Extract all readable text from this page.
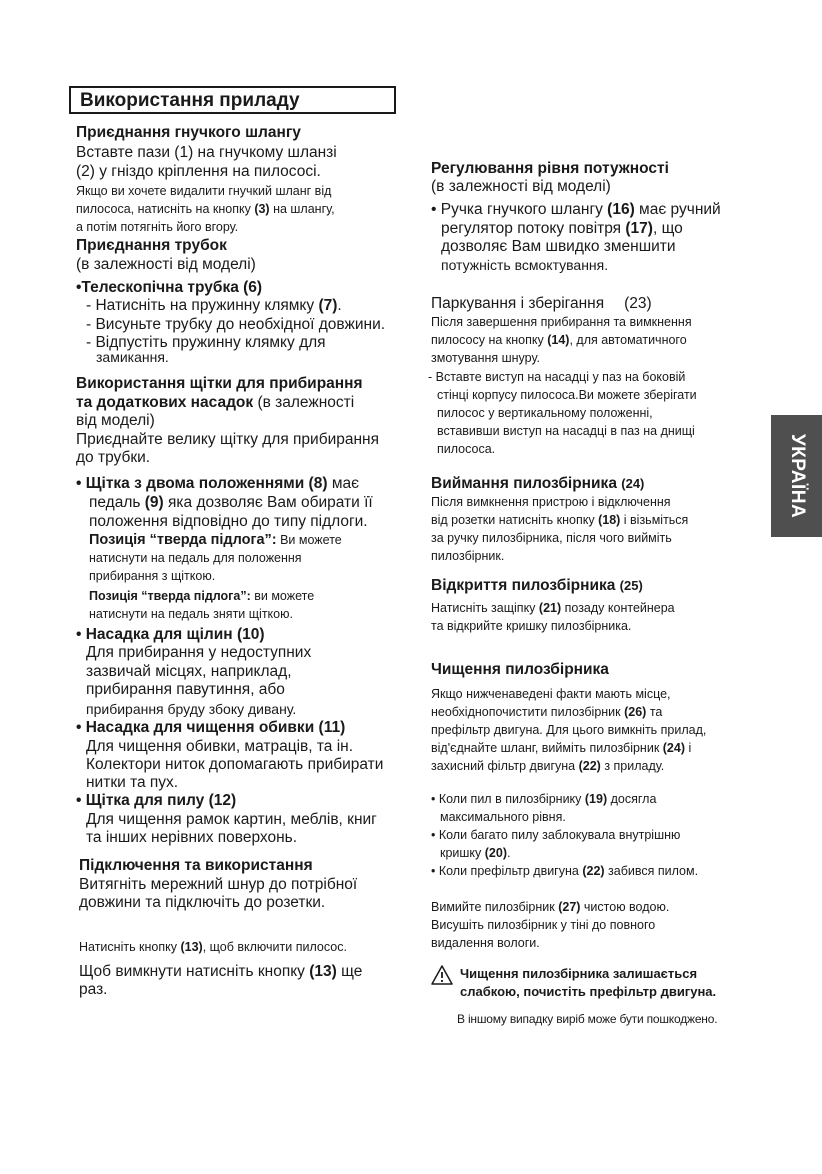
Використання приладу
Приєднання гнучкого шлангу
Вставте пази (1) на гнучкому шланзі
(2) у гніздо кріплення на пилососі.
Якщо ви хочете видалити гнучкий шланг від
пилососа, натисніть на кнопку (3) на шлангу,
а потім потягніть його вгору.
Приєднання трубок
(в залежності від моделі)
•Телескопічна трубка (6)
- Натисніть на пружинну клямку (7).
- Висуньте трубку до необхідної довжини.
- Відпустіть пружинну клямку для
замикання.
Використання щітки для прибирання
та додаткових насадок (в залежності
від моделі)
Приєднайте велику щітку для прибирання
до трубки.
• Щітка з двома положеннями (8) має
педаль (9) яка дозволяє Вам обирати її
положення відповідно до типу підлоги.
Позиція “тверда підлога”: Ви можете
натиснути на педаль для положення
прибирання з щіткою.
Позиція “тверда підлога”: ви можете
натиснути на педаль зняти щіткою.
• Насадка для щілин (10)
Для прибирання у недоступних
зазвичай місцях, наприклад,
прибирання павутиння, або
прибирання бруду збоку дивану.
• Насадка для чищення обивки (11)
Для чищення обивки, матраців, та ін.
Колектори ниток допомагають прибирати
нитки та пух.
• Щітка для пилу (12)
Для чищення рамок картин, меблів, книг
та інших нерівних поверхонь.
Підключення та використання
Витягніть мережний шнур до потрібної
довжини та підключіть до розетки.
Натисніть кнопку (13), щоб включити пилосос.
Щоб вимкнути натисніть кнопку (13) ще
раз.
Регулювання рівня потужності
(в залежності від моделі)
• Ручка гнучкого шлангу (16) має ручний
регулятор потоку повітря (17), що
дозволяє Вам швидко зменшити
потужність всмоктування.
Паркування і зберігання (23)
Після завершення прибирання та вимкнення
пилососу на кнопку (14), для автоматичного
змотування шнуру.
- Вставте виступ на насадці у паз на боковій
стінці корпусу пилососа.Ви можете зберігати
пилосос у вертикальному положенні,
вставивши виступ на насадці в паз на днищі
пилососа.
Виймання пилозбірника (24)
Після вимкнення пристрою і відключення
від розетки натисніть кнопку (18) і візьміться
за ручку пилозбірника, після чого вийміть
пилозбірник.
Відкриття пилозбірника (25)
Натисніть защіпку (21) позаду контейнера
та відкрийте кришку пилозбірника.
Чищення пилозбірника
Якщо нижченаведені факти мають місце,
необхіднопочистити пилозбірник (26) та
префільтр двигуна. Для цього вимкніть прилад,
від'єднайте шланг, вийміть пилозбірник (24) і
захисний фільтр двигуна (22) з приладу.
• Коли пил в пилозбірнику (19) досягла
максимального рівня.
• Коли багато пилу заблокувала внутрішню
кришку (20).
• Коли префільтр двигуна (22) забився пилом.
Вимийте пилозбірник (27) чистою водою.
Висушіть пилозбірник у тіні до повного
видалення вологи.
Чищення пилозбірника залишається
слабкою, почистіть префільтр двигуна.
В іншому випадку виріб може бути пошкоджено.
УКРАЇНА
